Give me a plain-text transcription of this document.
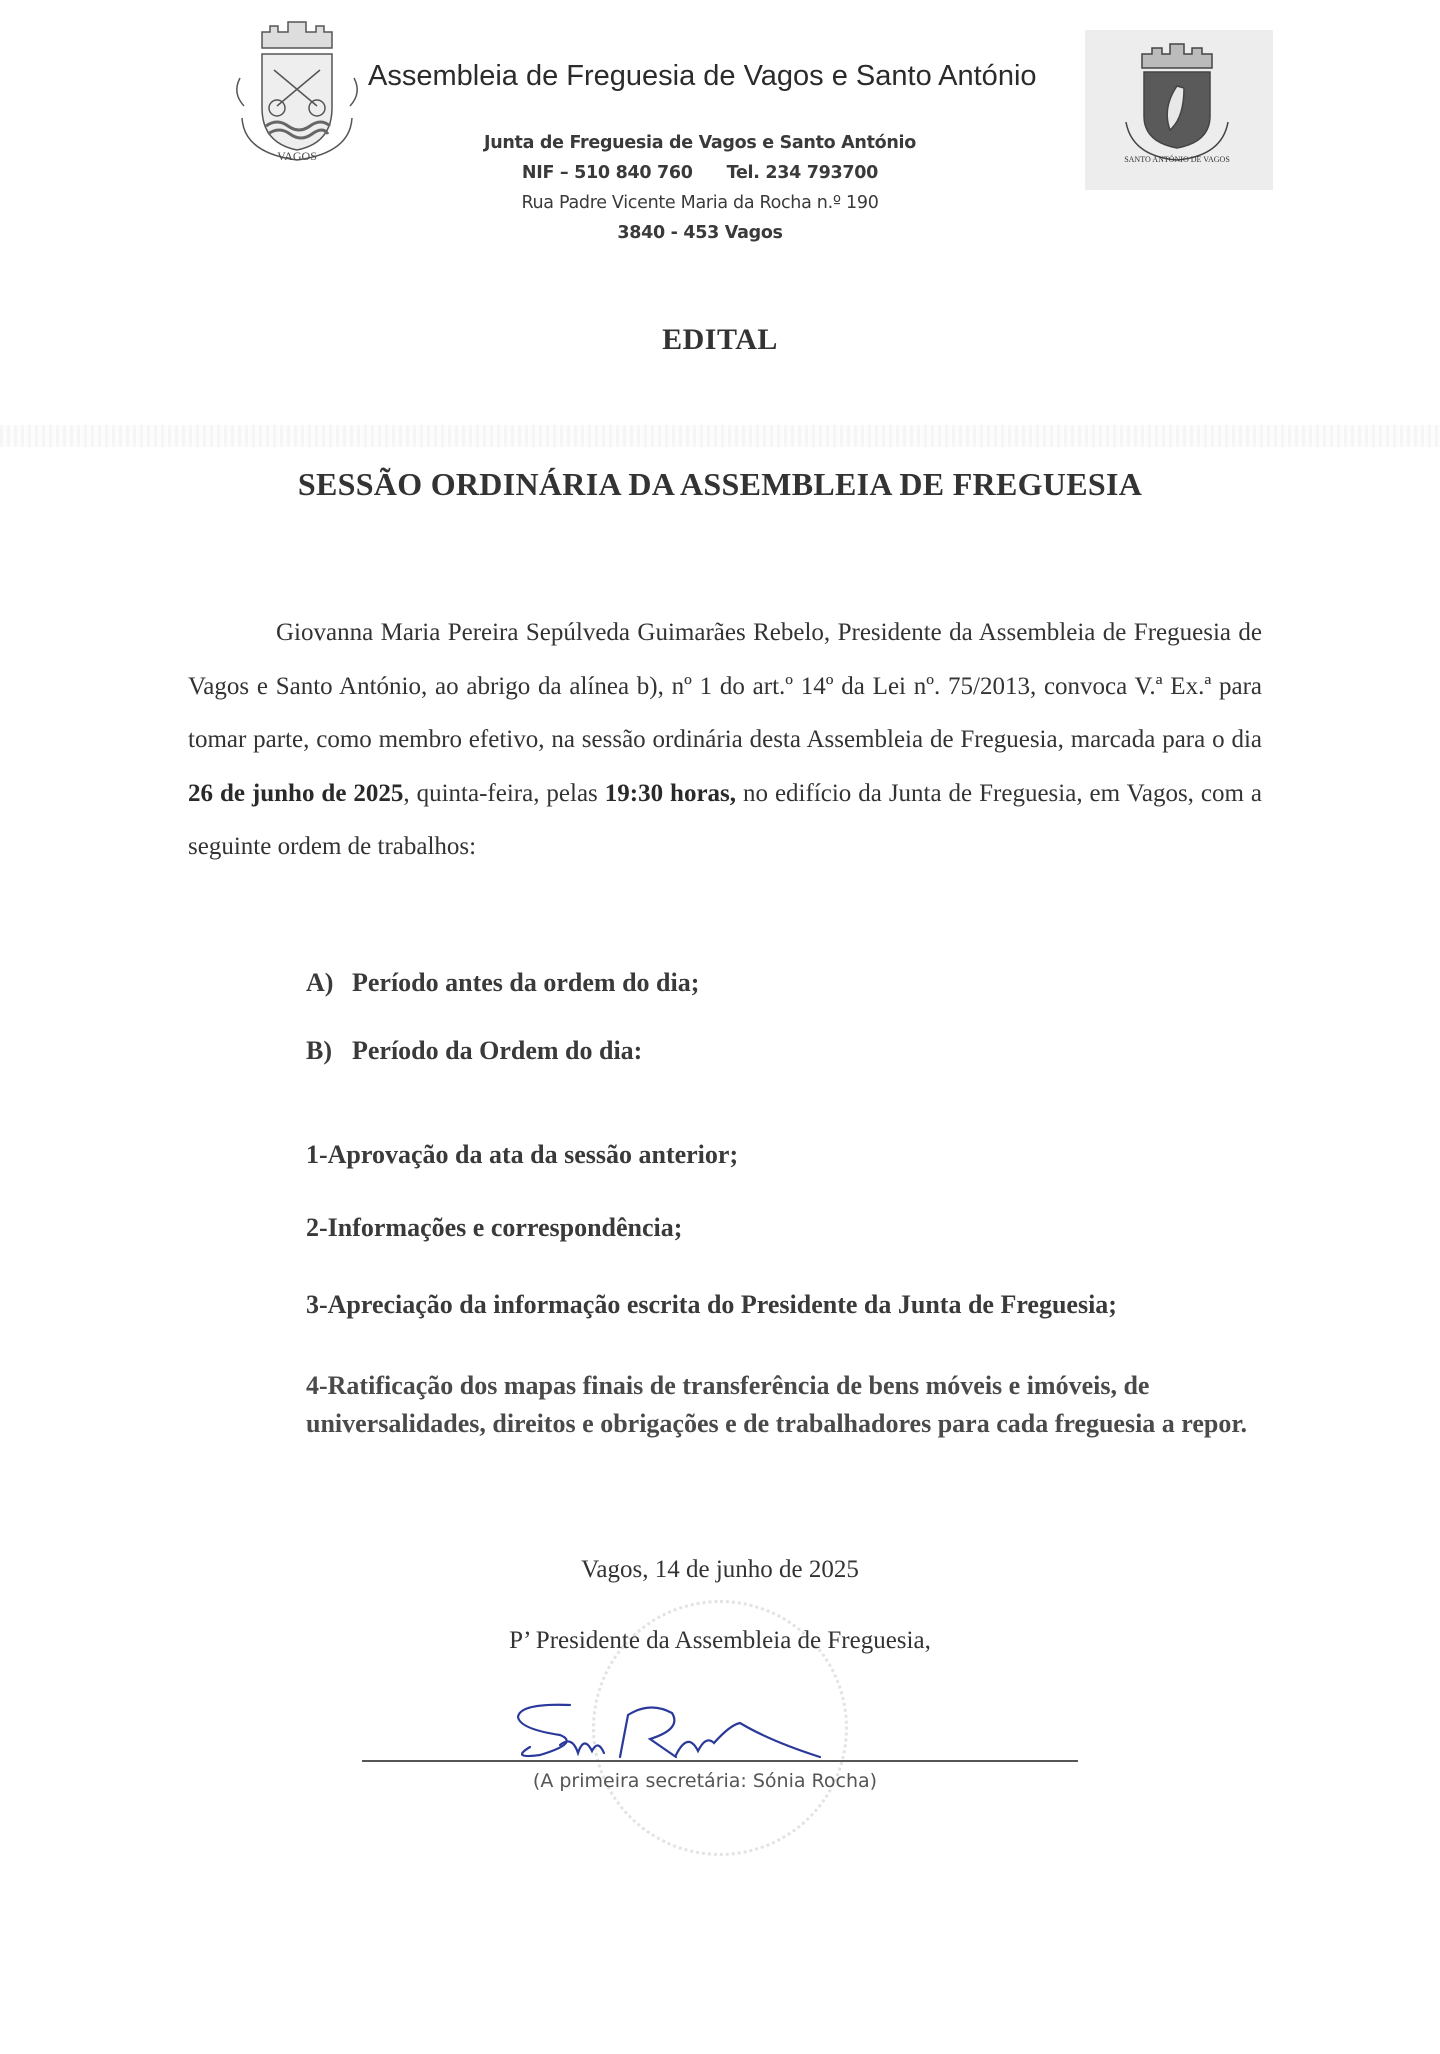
VAGOS
Assembleia de Freguesia de Vagos e Santo António
Junta de Freguesia de Vagos e Santo António
NIF – 510 840 760 Tel. 234 793700
Rua Padre Vicente Maria da Rocha n.º 190
3840 - 453 Vagos
SANTO ANTÓNIO DE VAGOS
EDITAL
SESSÃO ORDINÁRIA DA ASSEMBLEIA DE FREGUESIA
Giovanna Maria Pereira Sepúlveda Guimarães Rebelo, Presidente da Assembleia de Freguesia de Vagos e Santo António, ao abrigo da alínea b), nº 1 do art.º 14º da Lei nº. 75/2013, convoca V.ª Ex.ª para tomar parte, como membro efetivo, na sessão ordinária desta Assembleia de Freguesia, marcada para o dia 26 de junho de 2025, quinta-feira, pelas 19:30 horas, no edifício da Junta de Freguesia, em Vagos, com a seguinte ordem de trabalhos:
A) Período antes da ordem do dia;
B) Período da Ordem do dia:
1-Aprovação da ata da sessão anterior;
2-Informações e correspondência;
3-Apreciação da informação escrita do Presidente da Junta de Freguesia;
4-Ratificação dos mapas finais de transferência de bens móveis e imóveis, de universalidades, direitos e obrigações e de trabalhadores para cada freguesia a repor.
Vagos, 14 de junho de 2025
P’ Presidente da Assembleia de Freguesia,
(A primeira secretária: Sónia Rocha)
